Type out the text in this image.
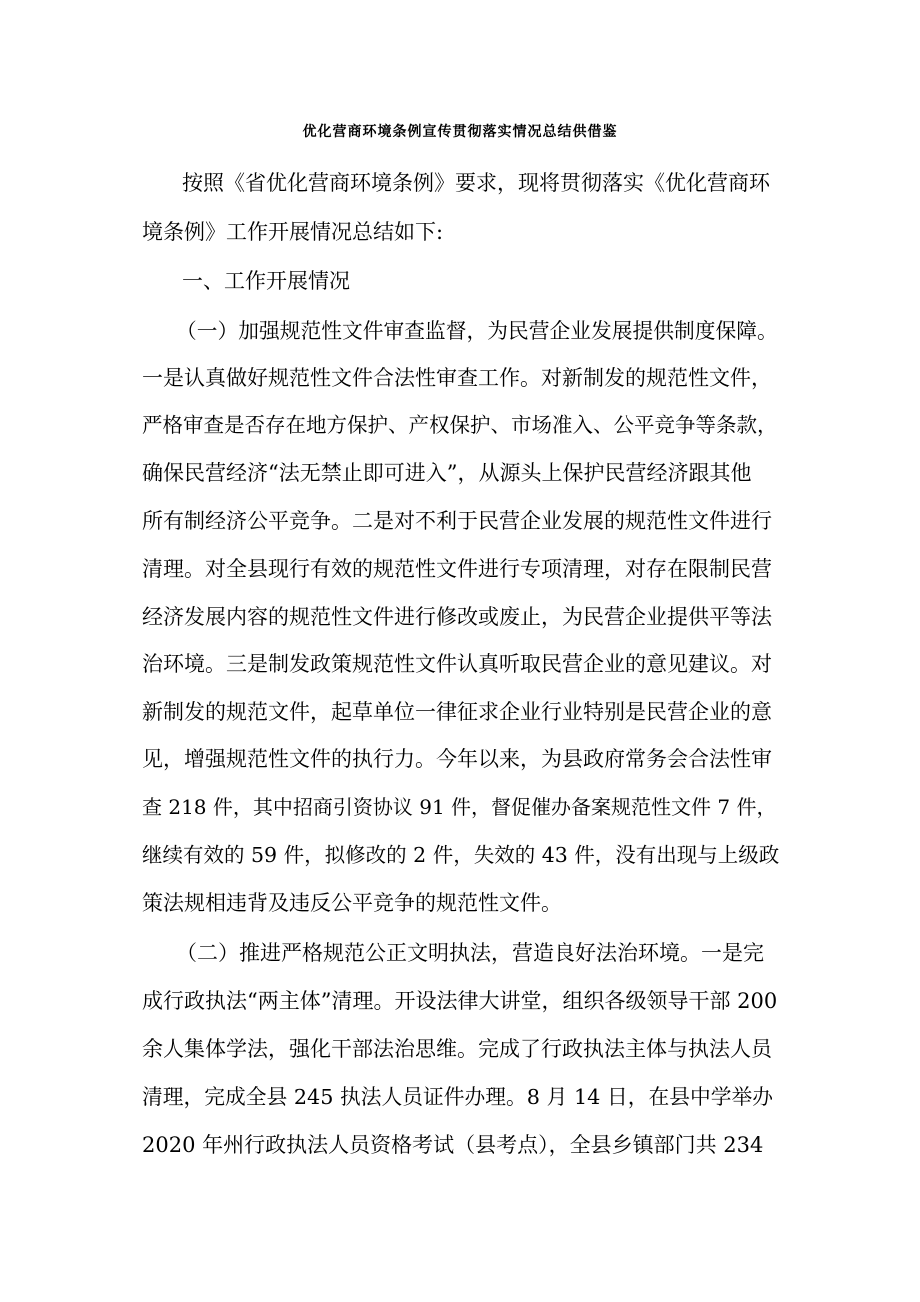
优化营商环境条例宣传贯彻落实情况总结供借鉴
按照《省优化营商环境条例》要求，现将贯彻落实《优化营商环
境条例》工作开展情况总结如下:
一、工作开展情况
（一）加强规范性文件审查监督，为民营企业发展提供制度保障。
一是认真做好规范性文件合法性审查工作。对新制发的规范性文件，
严格审查是否存在地方保护、产权保护、市场准入、公平竞争等条款，
确保民营经济“法无禁止即可进入”，从源头上保护民营经济跟其他
所有制经济公平竞争。二是对不利于民营企业发展的规范性文件进行
清理。对全县现行有效的规范性文件进行专项清理，对存在限制民营
经济发展内容的规范性文件进行修改或废止，为民营企业提供平等法
治环境。三是制发政策规范性文件认真听取民营企业的意见建议。对
新制发的规范文件，起草单位一律征求企业行业特别是民营企业的意
见，增强规范性文件的执行力。今年以来，为县政府常务会合法性审
查 218 件，其中招商引资协议 91 件，督促催办备案规范性文件 7 件，
继续有效的 59 件，拟修改的 2 件，失效的 43 件，没有出现与上级政
策法规相违背及违反公平竞争的规范性文件。
（二）推进严格规范公正文明执法，营造良好法治环境。一是完
成行政执法“两主体”清理。开设法律大讲堂，组织各级领导干部 200
余人集体学法，强化干部法治思维。完成了行政执法主体与执法人员
清理，完成全县 245 执法人员证件办理。8 月 14 日，在县中学举办
2020 年州行政执法人员资格考试（县考点），全县乡镇部门共 234
